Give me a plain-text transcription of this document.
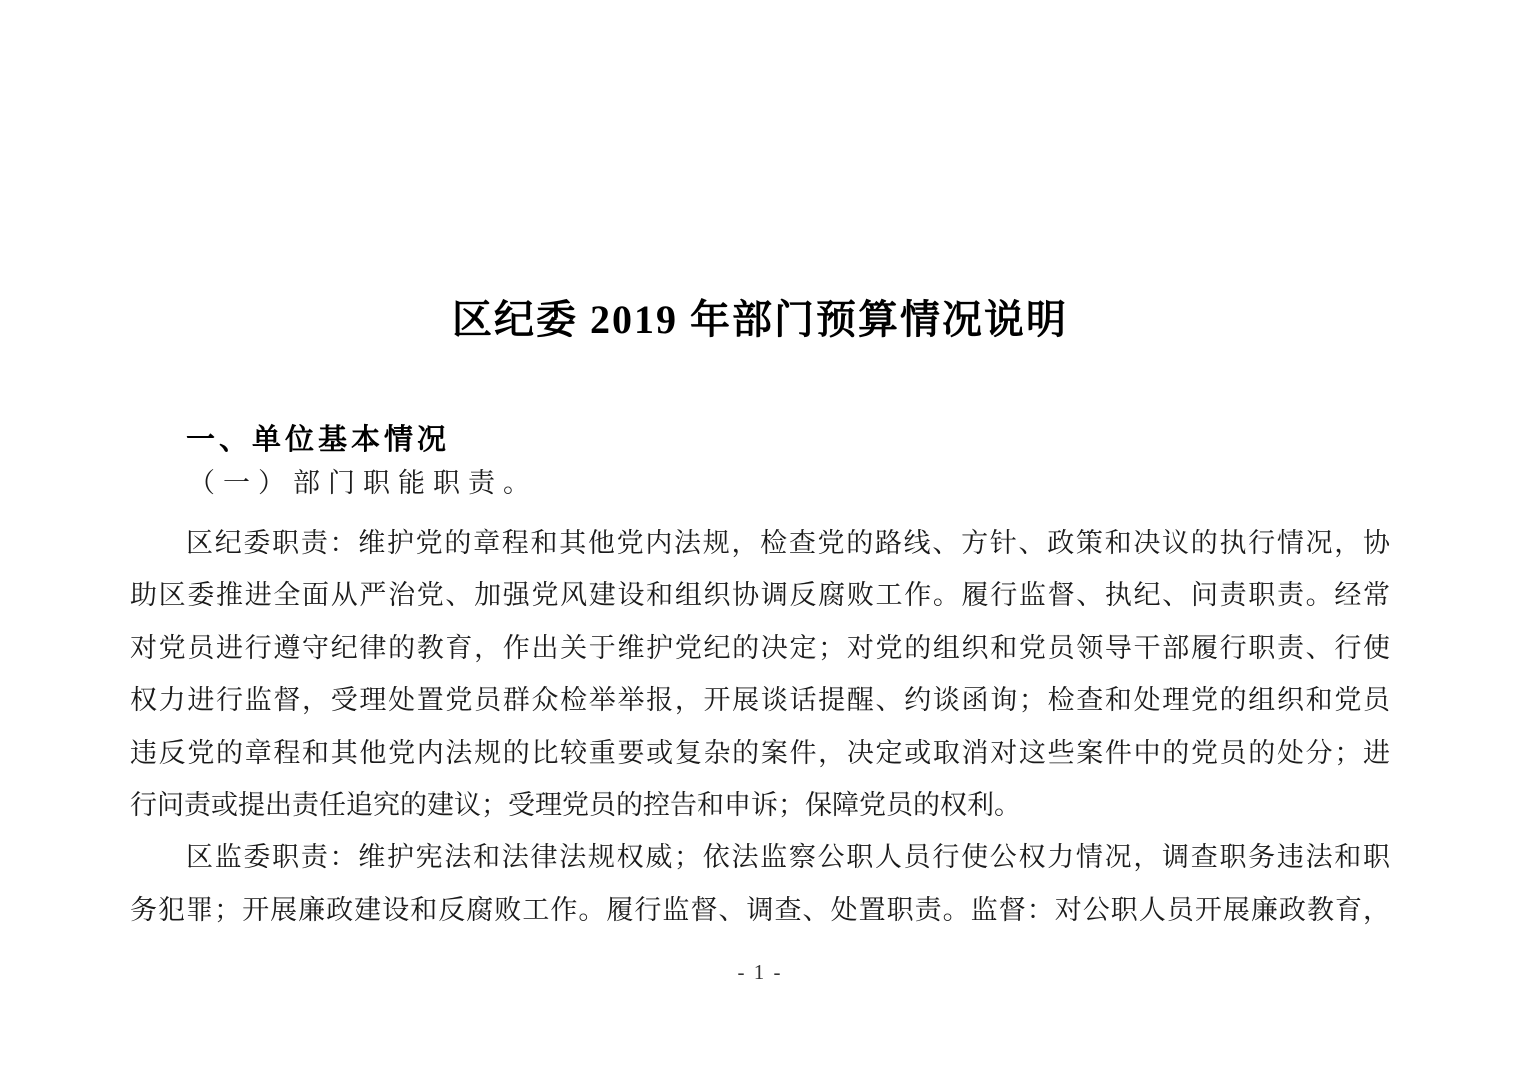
区纪委 2019 年部门预算情况说明
一、单位基本情况
（一）部门职能职责。
区纪委职责：维护党的章程和其他党内法规，检查党的路线、方针、政策和决议的执行情况，协
助区委推进全面从严治党、加强党风建设和组织协调反腐败工作。履行监督、执纪、问责职责。经常
对党员进行遵守纪律的教育，作出关于维护党纪的决定；对党的组织和党员领导干部履行职责、行使
权力进行监督，受理处置党员群众检举举报，开展谈话提醒、约谈函询；检查和处理党的组织和党员
违反党的章程和其他党内法规的比较重要或复杂的案件，决定或取消对这些案件中的党员的处分；进
行问责或提出责任追究的建议；受理党员的控告和申诉；保障党员的权利。
区监委职责：维护宪法和法律法规权威；依法监察公职人员行使公权力情况，调查职务违法和职
务犯罪；开展廉政建设和反腐败工作。履行监督、调查、处置职责。监督：对公职人员开展廉政教育，
- 1 -
